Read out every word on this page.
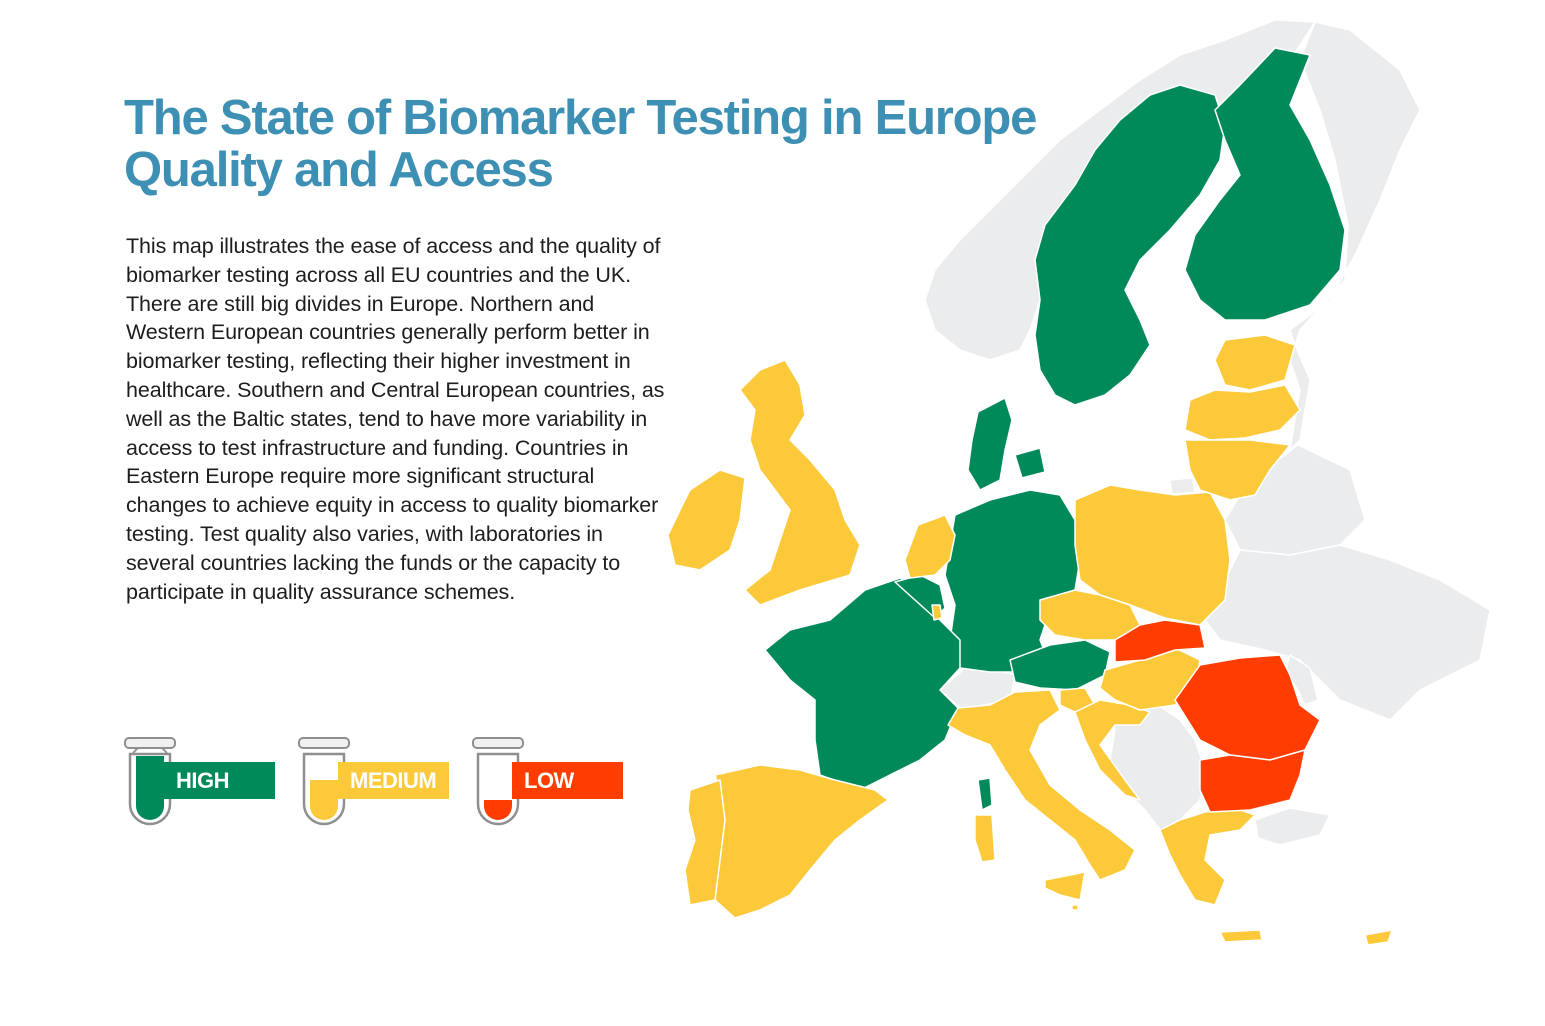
The State of Biomarker Testing in Europe
Quality and Access

This map illustrates the ease of access and the quality of biomarker testing across all EU countries and the UK. There are still big divides in Europe. Northern and Western European countries generally perform better in biomarker testing, reflecting their higher investment in healthcare. Southern and Central European countries, as well as the Baltic states, tend to have more variability in access to test infrastructure and funding. Countries in Eastern Europe require more significant structural changes to achieve equity in access to quality biomarker testing. Test quality also varies, with laboratories in several countries lacking the funds or the capacity to participate in quality assurance schemes.

HIGH	MEDIUM	LOW
